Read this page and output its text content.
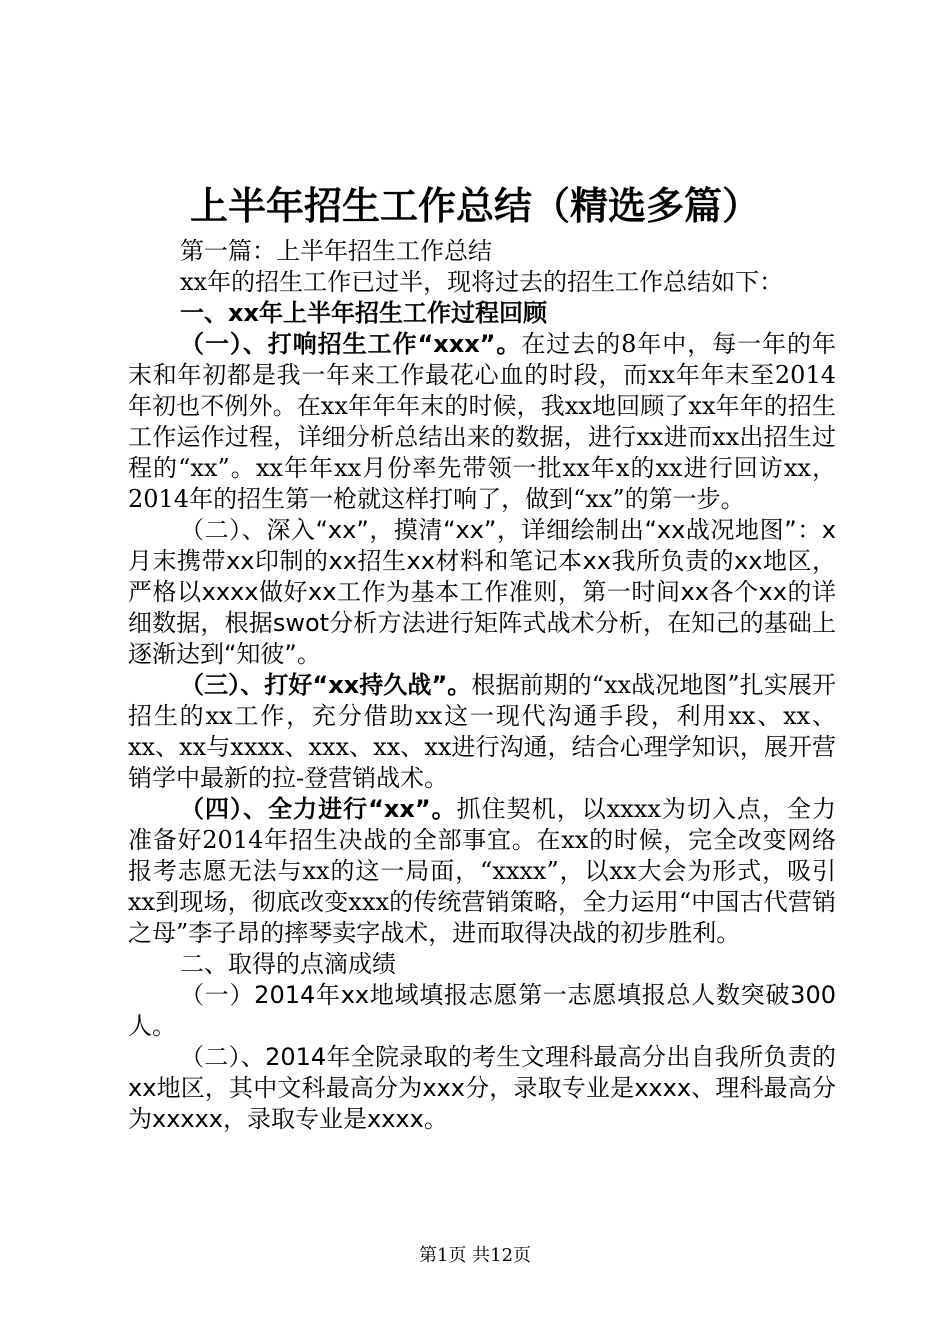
上半年招生工作总结（精选多篇）

第一篇：上半年招生工作总结

xx年的招生工作已过半，现将过去的招生工作总结如下：

一、xx年上半年招生工作过程回顾

（一）、打响招生工作“xxx”。在过去的8年中，每一年的年末和年初都是我一年来工作最花心血的时段，而xx年年末至2014年初也不例外。在xx年年年末的时候，我xx地回顾了xx年年的招生工作运作过程，详细分析总结出来的数据，进行xx进而xx出招生过程的“xx”。xx年年xx月份率先带领一批xx年x的xx进行回访xx，2014年的招生第一枪就这样打响了，做到“xx”的第一步。

（二）、深入“xx”，摸清“xx”，详细绘制出“xx战况地图”：x月末携带xx印制的xx招生xx材料和笔记本xx我所负责的xx地区，严格以xxxx做好xx工作为基本工作准则，第一时间xx各个xx的详细数据，根据swot分析方法进行矩阵式战术分析，在知己的基础上逐渐达到“知彼”。

（三）、打好“xx持久战”。根据前期的“xx战况地图”扎实展开招生的xx工作，充分借助xx这一现代沟通手段，利用xx、xx、xx、xx与xxxx、xxx、xx、xx进行沟通，结合心理学知识，展开营销学中最新的拉-登营销战术。

（四）、全力进行“xx”。抓住契机，以xxxx为切入点，全力准备好2014年招生决战的全部事宜。在xx的时候，完全改变网络报考志愿无法与xx的这一局面，“xxxx”，以xx大会为形式，吸引xx到现场，彻底改变xxx的传统营销策略，全力运用“中国古代营销之母”李子昂的摔琴卖字战术，进而取得决战的初步胜利。

二、取得的点滴成绩

（一）2014年xx地域填报志愿第一志愿填报总人数突破300人。

（二）、2014年全院录取的考生文理科最高分出自我所负责的xx地区，其中文科最高分为xxx分，录取专业是xxxx、理科最高分为xxxxx，录取专业是xxxx。

第1页 共12页
